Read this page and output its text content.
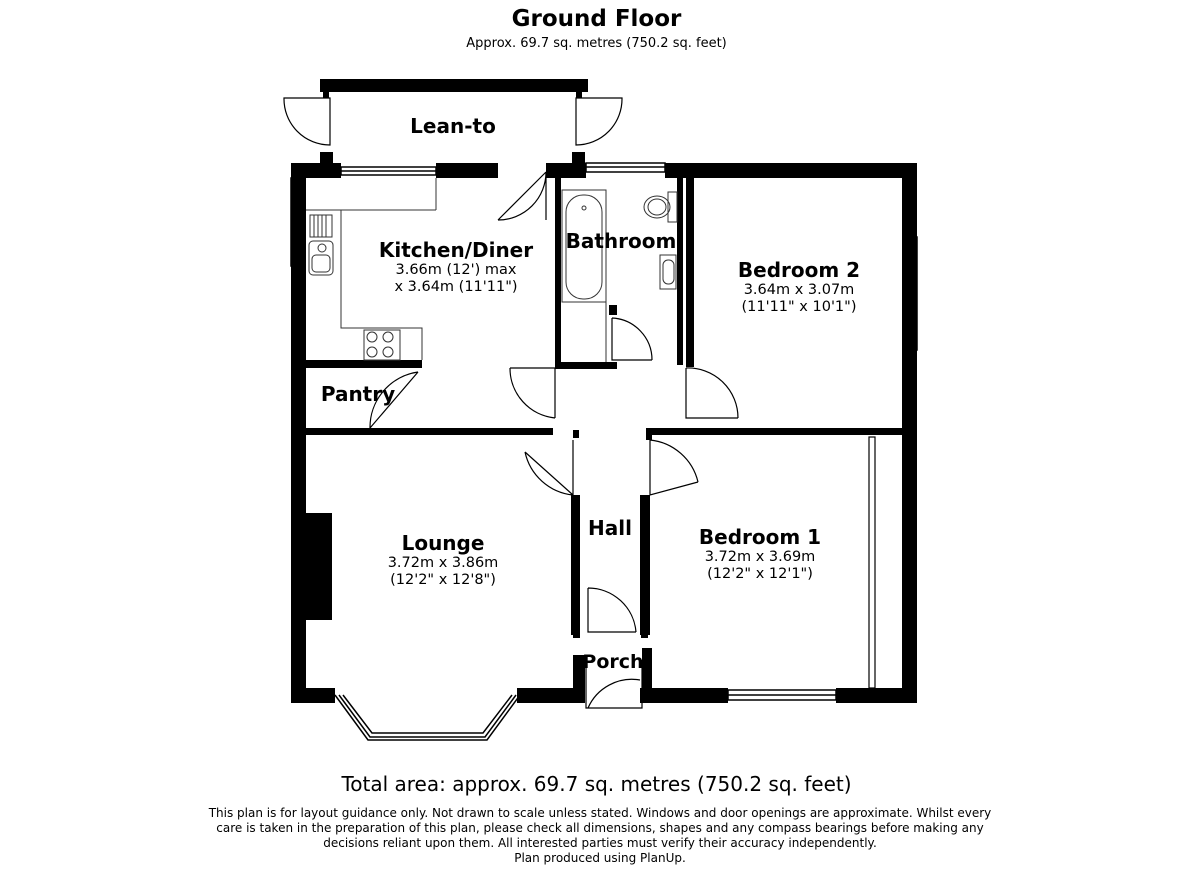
Ground Floor
Approx. 69.7 sq. metres (750.2 sq. feet)
Lean-to
Kitchen/Diner
3.66m (12') max
x 3.64m (11'11")
Bathroom
Bedroom 2
3.64m x 3.07m
(11'11" x 10'1")
Pantry
Lounge
3.72m x 3.86m
(12'2" x 12'8")
Hall	Bedroom 1
3.72m x 3.69m
(12'2" x 12'1")
Porch
Total area: approx. 69.7 sq. metres (750.2 sq. feet)
This plan is for layout guidance only. Not drawn to scale unless stated. Windows and door openings are approximate. Whilst every
care is taken in the preparation of this plan, please check all dimensions, shapes and any compass bearings before making any
decisions reliant upon them. All interested parties must verify their accuracy independently.
Plan produced using PlanUp.
